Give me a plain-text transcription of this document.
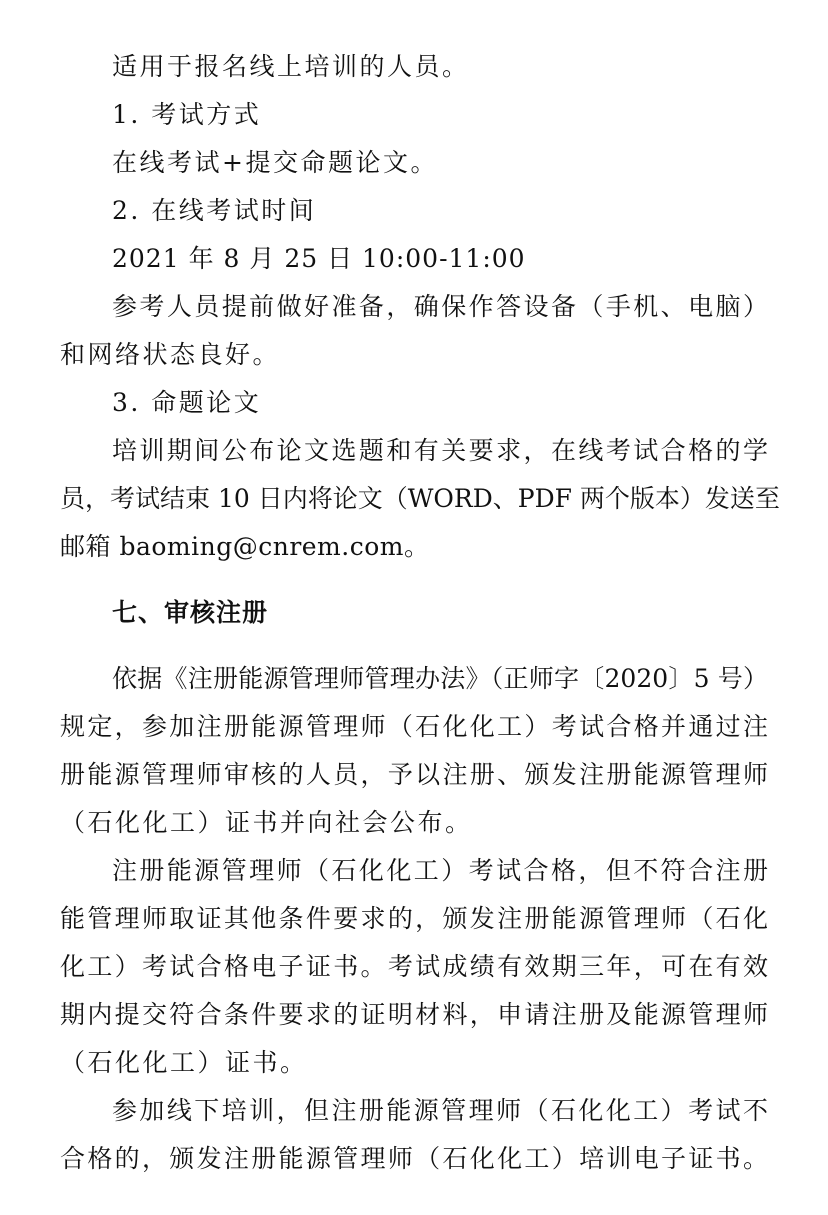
适用于报名线上培训的人员。
1. 考试方式
在线考试+提交命题论文。
2. 在线考试时间
2021 年 8 月 25 日 10:00-11:00
参考人员提前做好准备，确保作答设备（手机、电脑）
和网络状态良好。
3. 命题论文
培训期间公布论文选题和有关要求，在线考试合格的学
员，考试结束 10 日内将论文（WORD、PDF 两个版本）发送至
邮箱 baoming@cnrem.com。
七、审核注册
依据《注册能源管理师管理办法》（正师字〔2020〕5 号）
规定，参加注册能源管理师（石化化工）考试合格并通过注
册能源管理师审核的人员，予以注册、颁发注册能源管理师
（石化化工）证书并向社会公布。
注册能源管理师（石化化工）考试合格，但不符合注册
能管理师取证其他条件要求的，颁发注册能源管理师（石化
化工）考试合格电子证书。考试成绩有效期三年，可在有效
期内提交符合条件要求的证明材料，申请注册及能源管理师
（石化化工）证书。
参加线下培训，但注册能源管理师（石化化工）考试不
合格的，颁发注册能源管理师（石化化工）培训电子证书。
